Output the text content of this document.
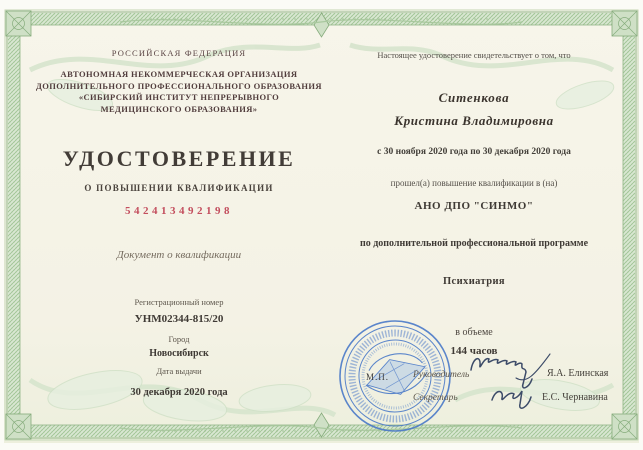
РОССИЙСКАЯ ФЕДЕРАЦИЯ
АВТОНОМНАЯ НЕКОММЕРЧЕСКАЯ ОРГАНИЗАЦИЯ
ДОПОЛНИТЕЛЬНОГО ПРОФЕССИОНАЛЬНОГО ОБРАЗОВАНИЯ
«СИБИРСКИЙ ИНСТИТУТ НЕПРЕРЫВНОГО
МЕДИЦИНСКОГО ОБРАЗОВАНИЯ»
УДОСТОВЕРЕНИЕ
О ПОВЫШЕНИИ КВАЛИФИКАЦИИ
542413492198
Документ о квалификации
Регистрационный номер
УНМ02344-815/20
Город
Новосибирск
Дата выдачи
30 декабря 2020 года
Настоящее удостоверение свидетельствует о том, что
Ситенкова
Кристина Владимировна
с 30 ноября 2020 года по 30 декабря 2020 года
прошел(а) повышение квалификации в (на)
АНО ДПО "СИНМО"
по дополнительной профессиональной программе
Психиатрия
в объеме
144 часов
М.П.	Руководитель
Секретарь
Я.А. Елинская
Е.С. Чернавина
